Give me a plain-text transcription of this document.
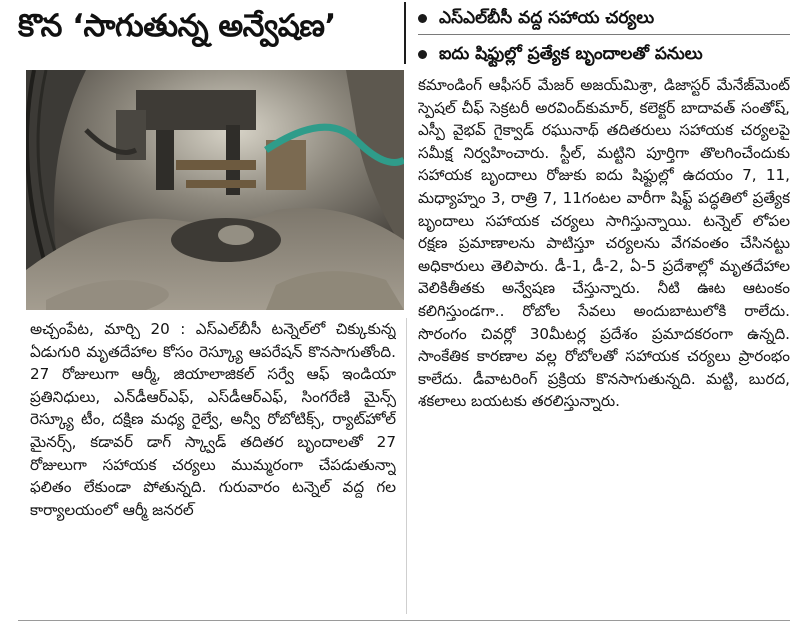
కొన ‘సాగుతున్న అన్వేషణ’	ఎస్‌ఎల్‌బీసీ వద్ద సహాయ చర్యలు
ఐదు షిఫ్టుల్లో ప్రత్యేక బృందాలతో పనులు
అచ్చంపేట, మార్చి 20 : ఎస్‌ఎల్‌బీసీ టన్నెల్‌లో చిక్కుకున్న ఏడుగురి మృతదేహాల కోసం రెస్క్యూ ఆపరేషన్ కొనసాగుతోంది. 27 రోజులుగా ఆర్మీ, జియాలాజికల్ సర్వే ఆఫ్ ఇండియా ప్రతినిధులు, ఎన్‌డీఆర్‌ఎఫ్, ఎస్‌డీఆర్‌ఎఫ్, సింగరేణి మైన్స్ రెస్క్యూ టీం, దక్షిణ మధ్య రైల్వే, అన్వీ రోబోటిక్స్, ర్యాట్‌హోల్ మైనర్స్, కడావర్ డాగ్ స్క్వాడ్ తదితర బృందాలతో 27 రోజులుగా సహాయక చర్యలు ముమ్మరంగా చేపడుతున్నా ఫలితం లేకుండా పోతున్నది. గురువారం టన్నెల్ వద్ద గల కార్యాలయంలో ఆర్మీ జనరల్
కమాండింగ్ ఆఫీసర్ మేజర్ అజయ్‌మిశ్రా, డిజాస్టర్ మేనేజ్‌మెంట్ స్పెషల్ చీఫ్ సెక్రటరీ అరవింద్‌కుమార్, కలెక్టర్ బాదావత్ సంతోష్, ఎస్పీ వైభవ్ గైక్వాడ్ రఘునాథ్ తదితరులు సహాయక చర్యలపై సమీక్ష నిర్వహించారు. స్టీల్, మట్టిని పూర్తిగా తొలగించేందుకు సహాయక బృందాలు రోజుకు ఐదు షిఫ్టుల్లో ఉదయం 7, 11, మధ్యాహ్నం 3, రాత్రి 7, 11గంటల వారీగా షిఫ్ట్ పద్ధతిలో ప్రత్యేక బృందాలు సహాయక చర్యలు సాగిస్తున్నాయి. టన్నెల్ లోపల రక్షణ ప్రమాణాలను పాటిస్తూ చర్యలను వేగవంతం చేసినట్టు అధికారులు తెలిపారు. డీ-1, డీ-2, ఏ-5 ప్రదేశాల్లో మృతదేహాల వెలికితీతకు అన్వేషణ చేస్తున్నారు. నీటి ఊట ఆటంకం కలిగిస్తుండగా.. రోబోల సేవలు అందుబాటులోకి రాలేదు. సొరంగం చివర్లో 30మీటర్ల ప్రదేశం ప్రమాదకరంగా ఉన్నది. సాంకేతిక కారణాల వల్ల రోబోలతో సహాయక చర్యలు ప్రారంభం కాలేదు. డీవాటరింగ్ ప్రక్రియ కొనసాగుతున్నది. మట్టి, బురద, శకలాలు బయటకు తరలిస్తున్నారు.
